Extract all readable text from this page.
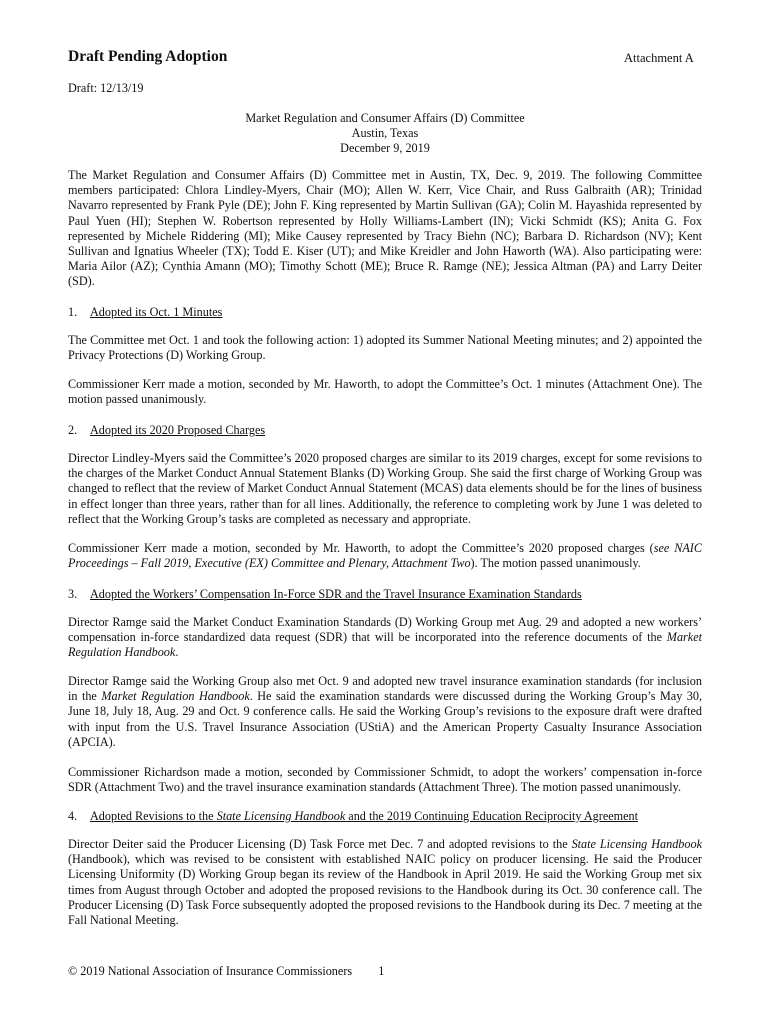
Draft Pending Adoption	Attachment A
Draft: 12/13/19
Market Regulation and Consumer Affairs (D) Committee
Austin, Texas
December 9, 2019

The Market Regulation and Consumer Affairs (D) Committee met in Austin, TX, Dec. 9, 2019. The following Committee members participated: Chlora Lindley-Myers, Chair (MO); Allen W. Kerr, Vice Chair, and Russ Galbraith (AR); Trinidad Navarro represented by Frank Pyle (DE); John F. King represented by Martin Sullivan (GA); Colin M. Hayashida represented by Paul Yuen (HI); Stephen W. Robertson represented by Holly Williams-Lambert (IN); Vicki Schmidt (KS); Anita G. Fox represented by Michele Riddering (MI); Mike Causey represented by Tracy Biehn (NC); Barbara D. Richardson (NV); Kent Sullivan and Ignatius Wheeler (TX); Todd E. Kiser (UT); and Mike Kreidler and John Haworth (WA). Also participating were: Maria Ailor (AZ); Cynthia Amann (MO); Timothy Schott (ME); Bruce R. Ramge (NE); Jessica Altman (PA) and Larry Deiter (SD).

1. Adopted its Oct. 1 Minutes

The Committee met Oct. 1 and took the following action: 1) adopted its Summer National Meeting minutes; and 2) appointed the Privacy Protections (D) Working Group.

Commissioner Kerr made a motion, seconded by Mr. Haworth, to adopt the Committee’s Oct. 1 minutes (Attachment One). The motion passed unanimously.

2. Adopted its 2020 Proposed Charges

Director Lindley-Myers said the Committee’s 2020 proposed charges are similar to its 2019 charges, except for some revisions to the charges of the Market Conduct Annual Statement Blanks (D) Working Group. She said the first charge of Working Group was changed to reflect that the review of Market Conduct Annual Statement (MCAS) data elements should be for the lines of business in effect longer than three years, rather than for all lines. Additionally, the reference to completing work by June 1 was deleted to reflect that the Working Group’s tasks are completed as necessary and appropriate.

Commissioner Kerr made a motion, seconded by Mr. Haworth, to adopt the Committee’s 2020 proposed charges (see NAIC Proceedings – Fall 2019, Executive (EX) Committee and Plenary, Attachment Two). The motion passed unanimously.

3. Adopted the Workers’ Compensation In-Force SDR and the Travel Insurance Examination Standards

Director Ramge said the Market Conduct Examination Standards (D) Working Group met Aug. 29 and adopted a new workers’ compensation in-force standardized data request (SDR) that will be incorporated into the reference documents of the Market Regulation Handbook.

Director Ramge said the Working Group also met Oct. 9 and adopted new travel insurance examination standards (for inclusion in the Market Regulation Handbook. He said the examination standards were discussed during the Working Group’s May 30, June 18, July 18, Aug. 29 and Oct. 9 conference calls. He said the Working Group’s revisions to the exposure draft were drafted with input from the U.S. Travel Insurance Association (UStiA) and the American Property Casualty Insurance Association (APCIA).

Commissioner Richardson made a motion, seconded by Commissioner Schmidt, to adopt the workers’ compensation in-force SDR (Attachment Two) and the travel insurance examination standards (Attachment Three). The motion passed unanimously.

4. Adopted Revisions to the State Licensing Handbook and the 2019 Continuing Education Reciprocity Agreement

Director Deiter said the Producer Licensing (D) Task Force met Dec. 7 and adopted revisions to the State Licensing Handbook (Handbook), which was revised to be consistent with established NAIC policy on producer licensing. He said the Producer Licensing Uniformity (D) Working Group began its review of the Handbook in April 2019. He said the Working Group met six times from August through October and adopted the proposed revisions to the Handbook during its Oct. 30 conference call. The Producer Licensing (D) Task Force subsequently adopted the proposed revisions to the Handbook during its Dec. 7 meeting at the Fall National Meeting.

© 2019 National Association of Insurance Commissioners 1
